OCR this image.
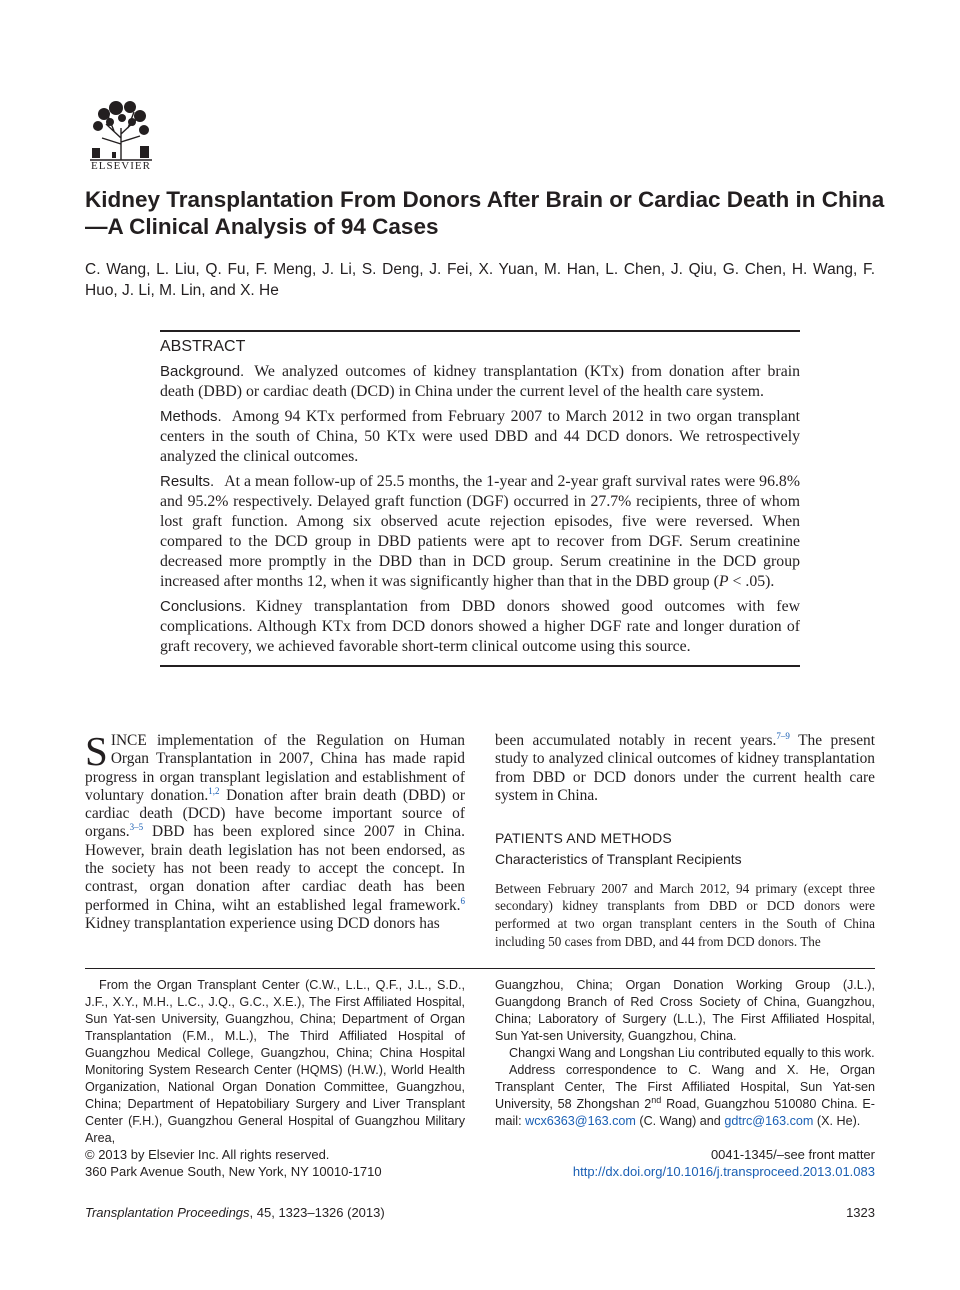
ELSEVIER
Kidney Transplantation From Donors After Brain or Cardiac Death in China—A Clinical Analysis of 94 Cases
C. Wang, L. Liu, Q. Fu, F. Meng, J. Li, S. Deng, J. Fei, X. Yuan, M. Han, L. Chen, J. Qiu, G. Chen, H. Wang, F. Huo, J. Li, M. Lin, and X. He
ABSTRACT

Background. We analyzed outcomes of kidney transplantation (KTx) from donation after brain death (DBD) or cardiac death (DCD) in China under the current level of the health care system.

Methods. Among 94 KTx performed from February 2007 to March 2012 in two organ transplant centers in the south of China, 50 KTx were used DBD and 44 DCD donors. We retrospectively analyzed the clinical outcomes.

Results. At a mean follow-up of 25.5 months, the 1-year and 2-year graft survival rates were 96.8% and 95.2% respectively. Delayed graft function (DGF) occurred in 27.7% recipients, three of whom lost graft function. Among six observed acute rejection episodes, five were reversed. When compared to the DCD group in DBD patients were apt to recover from DGF. Serum creatinine decreased more promptly in the DBD than in DCD group. Serum creatinine in the DCD group increased after months 12, when it was significantly higher than that in the DBD group (P < .05).

Conclusions. Kidney transplantation from DBD donors showed good outcomes with few complications. Although KTx from DCD donors showed a higher DGF rate and longer duration of graft recovery, we achieved favorable short-term clinical outcome using this source.

SINCE implementation of the Regulation on Human Organ Transplantation in 2007, China has made rapid progress in organ transplant legislation and establishment of voluntary donation.$^{1,2}$ Donation after brain death (DBD) or cardiac death (DCD) have become important source of organs.$^{3-5}$ DBD has been explored since 2007 in China. However, brain death legislation has not been endorsed, as the society has not been ready to accept the concept. In contrast, organ donation after cardiac death has been performed in China, wiht an established legal framework.$^6$ Kidney transplantation experience using DCD donors has
been accumulated notably in recent years.$^{7-9}$ The present study to analyzed clinical outcomes of kidney transplantation from DBD or DCD donors under the current health care system in China.
PATIENTS AND METHODS
Characteristics of Transplant Recipients

Between February 2007 and March 2012, 94 primary (except three secondary) kidney transplants from DBD or DCD donors were performed at two organ transplant centers in the South of China including 50 cases from DBD, and 44 from DCD donors. The

From the Organ Transplant Center (C.W., L.L., Q.F., J.L., S.D., J.F., X.Y., M.H., L.C., J.Q., G.C., X.E.), The First Affiliated Hospital, Sun Yat-sen University, Guangzhou, China; Department of Organ Transplantation (F.M., M.L.), The Third Affiliated Hospital of Guangzhou Medical College, Guangzhou, China; China Hospital Monitoring System Research Center (HQMS) (H.W.), World Health Organization, National Organ Donation Committee, Guangzhou, China; Department of Hepatobiliary Surgery and Liver Transplant Center (F.H.), Guangzhou General Hospital of Guangzhou Military Area,

Guangzhou, China; Organ Donation Working Group (J.L.), Guangdong Branch of Red Cross Society of China, Guangzhou, China; Laboratory of Surgery (L.L.), The First Affiliated Hospital, Sun Yat-sen University, Guangzhou, China.

Changxi Wang and Longshan Liu contributed equally to this work.

Address correspondence to C. Wang and X. He, Organ Transplant Center, The First Affiliated Hospital, Sun Yat-sen University, 58 Zhongshan 2nd Road, Guangzhou 510080 China. E-mail: wcx6363@163.com (C. Wang) and gdtrc@163.com (X. He).

© 2013 by Elsevier Inc. All rights reserved.
360 Park Avenue South, New York, NY 10010-1710
0041-1345/–see front matter
http://dx.doi.org/10.1016/j.transproceed.2013.01.083
Transplantation Proceedings, 45, 1323–1326 (2013)	1323
